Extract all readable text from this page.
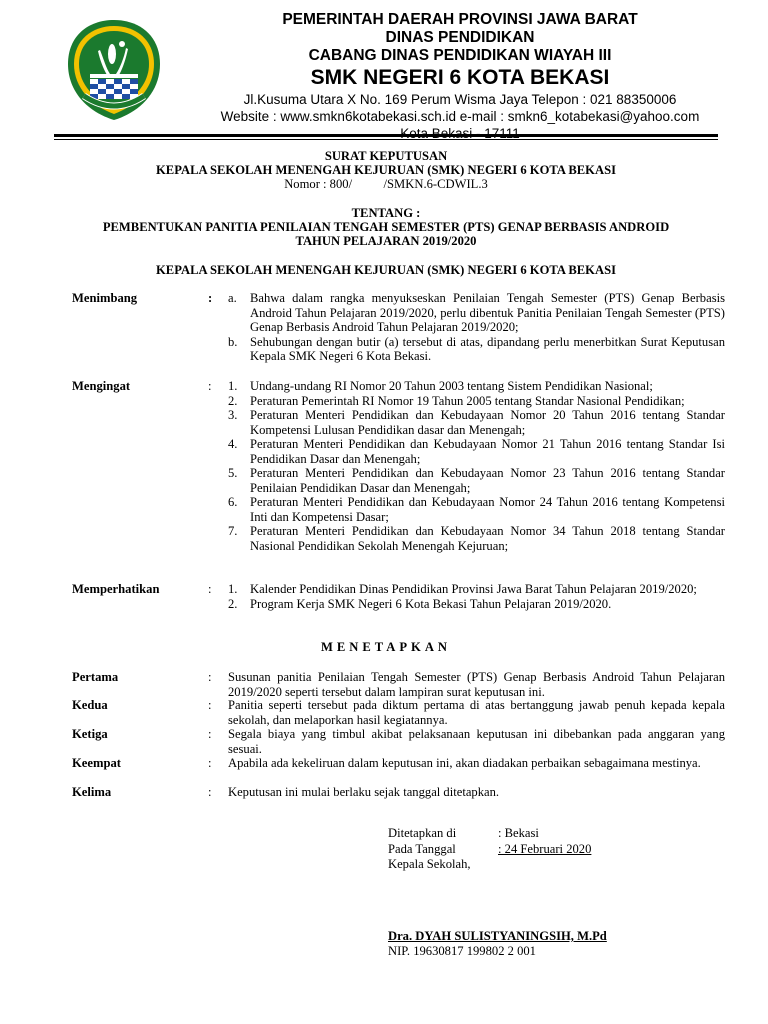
PEMERINTAH DAERAH PROVINSI JAWA BARAT
DINAS PENDIDIKAN
CABANG DINAS PENDIDIKAN WIAYAH III
SMK NEGERI 6 KOTA BEKASI
Jl.Kusuma Utara X No. 169 Perum Wisma Jaya Telepon : 021 88350006
Website : www.smkn6kotabekasi.sch.id e-mail : smkn6_kotabekasi@yahoo.com
Kota Bekasi - 17111
SURAT KEPUTUSAN
KEPALA SEKOLAH MENENGAH KEJURUAN (SMK) NEGERI 6 KOTA BEKASI
Nomor : 800/          /SMKN.6-CDWIL.3
TENTANG :
PEMBENTUKAN PANITIA PENILAIAN TENGAH SEMESTER (PTS) GENAP BERBASIS ANDROID
TAHUN PELAJARAN 2019/2020
KEPALA SEKOLAH MENENGAH KEJURUAN (SMK) NEGERI 6 KOTA BEKASI
Menimbang	: a. Bahwa dalam rangka menyukseskan Penilaian Tengah Semester (PTS) Genap Berbasis Android Tahun Pelajaran 2019/2020, perlu dibentuk Panitia Penilaian Tengah Semester (PTS) Genap Berbasis Android Tahun Pelajaran 2019/2020;
b. Sehubungan dengan butir (a) tersebut di atas, dipandang perlu menerbitkan Surat Keputusan Kepala SMK Negeri 6 Kota Bekasi.
Mengingat	: 1. Undang-undang RI Nomor 20 Tahun 2003 tentang Sistem Pendidikan Nasional;
2. Peraturan Pemerintah RI Nomor 19 Tahun 2005 tentang Standar Nasional Pendidikan;
3. Peraturan Menteri Pendidikan dan Kebudayaan Nomor 20 Tahun 2016 tentang Standar Kompetensi Lulusan Pendidikan dasar dan Menengah;
4. Peraturan Menteri Pendidikan dan Kebudayaan Nomor 21 Tahun 2016 tentang Standar Isi Pendidikan Dasar dan Menengah;
5. Peraturan Menteri Pendidikan dan Kebudayaan Nomor 23 Tahun 2016 tentang Standar Penilaian Pendidikan Dasar dan Menengah;
6. Peraturan Menteri Pendidikan dan Kebudayaan Nomor 24 Tahun 2016 tentang Kompetensi Inti dan Kompetensi Dasar;
7. Peraturan Menteri Pendidikan dan Kebudayaan Nomor 34 Tahun 2018 tentang Standar Nasional Pendidikan Sekolah Menengah Kejuruan;
Memperhatikan	: 1. Kalender Pendidikan Dinas Pendidikan Provinsi Jawa Barat Tahun Pelajaran 2019/2020;
2. Program Kerja SMK Negeri 6 Kota Bekasi Tahun Pelajaran 2019/2020.
MENETAPKAN
Pertama	: Susunan panitia Penilaian Tengah Semester (PTS) Genap Berbasis Android Tahun Pelajaran 2019/2020 seperti tersebut dalam lampiran surat keputusan ini.
Kedua	: Panitia seperti tersebut pada diktum pertama di atas bertanggung jawab penuh kepada kepala sekolah, dan melaporkan hasil kegiatannya.
Ketiga	: Segala biaya yang timbul akibat pelaksanaan keputusan ini dibebankan pada anggaran yang sesuai.
Keempat	: Apabila ada kekeliruan dalam keputusan ini, akan diadakan perbaikan sebagaimana mestinya.
Kelima	: Keputusan ini mulai berlaku sejak tanggal ditetapkan.
Ditetapkan di	: Bekasi
Pada Tanggal	: 24 Februari 2020
Kepala Sekolah,
Dra. DYAH SULISTYANINGSIH, M.Pd
NIP. 19630817 199802 2 001
